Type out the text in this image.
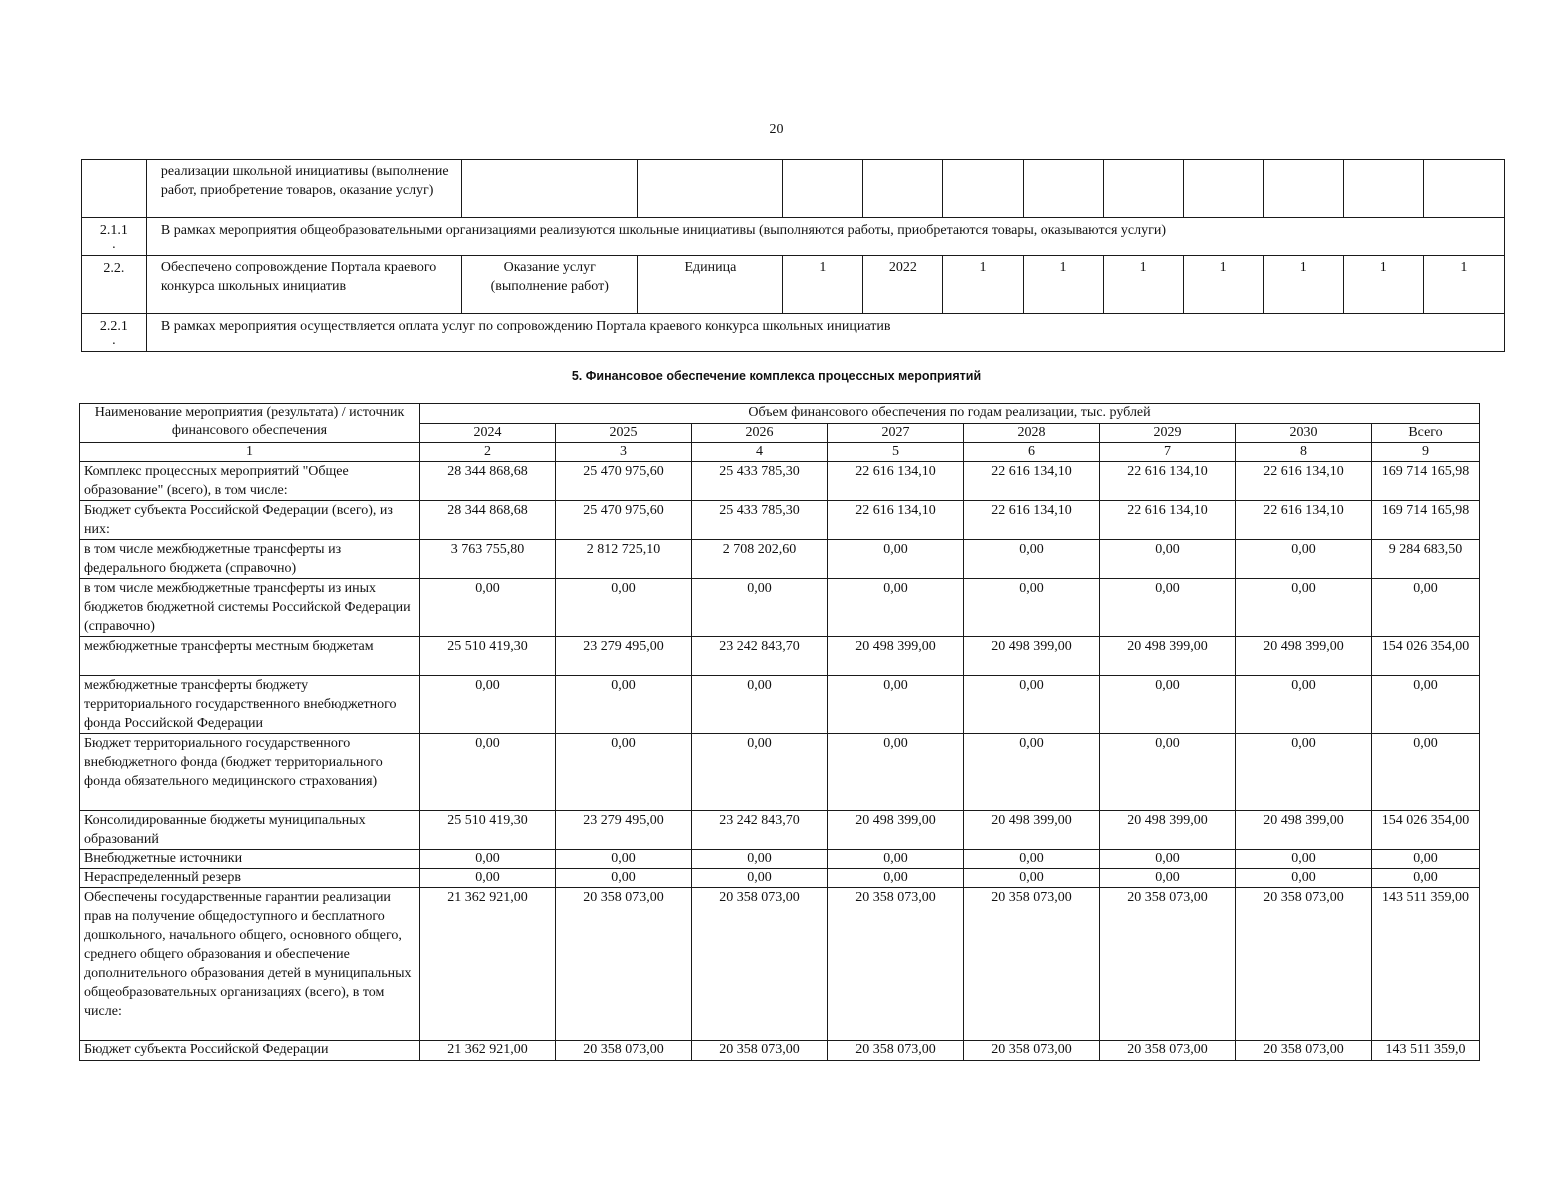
20
	реализации школьной инициативы (выполнение работ, приобретение товаров, оказание услуг)											
2.1.1
.	В рамках мероприятия общеобразовательными организациями реализуются школьные инициативы (выполняются работы, приобретаются товары, оказываются услуги)											
2.2.	Обеспечено сопровождение Портала краевого конкурса школьных инициатив	Оказание услуг (выполнение работ)	Единица	1	2022	1	1	1	1	1	1	1
2.2.1
.	В рамках мероприятия осуществляется оплата услуг по сопровождению Портала краевого конкурса школьных инициатив											
5. Финансовое обеспечение комплекса процессных мероприятий
Наименование мероприятия (результата) / источник финансового обеспечения	Объем финансового обеспечения по годам реализации, тыс. рублей							
	2024	2025	2026	2027	2028	2029	2030	Всего
1	2	3	4	5	6	7	8	9
Комплекс процессных мероприятий "Общее образование" (всего), в том числе:	28 344 868,68	25 470 975,60	25 433 785,30	22 616 134,10	22 616 134,10	22 616 134,10	22 616 134,10	169 714 165,98
Бюджет субъекта Российской Федерации (всего), из них:	28 344 868,68	25 470 975,60	25 433 785,30	22 616 134,10	22 616 134,10	22 616 134,10	22 616 134,10	169 714 165,98
в том числе межбюджетные трансферты из федерального бюджета (справочно)	3 763 755,80	2 812 725,10	2 708 202,60	0,00	0,00	0,00	0,00	9 284 683,50
в том числе межбюджетные трансферты из иных бюджетов бюджетной системы Российской Федерации (справочно)	0,00	0,00	0,00	0,00	0,00	0,00	0,00	0,00
межбюджетные трансферты местным бюджетам	25 510 419,30	23 279 495,00	23 242 843,70	20 498 399,00	20 498 399,00	20 498 399,00	20 498 399,00	154 026 354,00
межбюджетные трансферты бюджету территориального государственного внебюджетного фонда Российской Федерации	0,00	0,00	0,00	0,00	0,00	0,00	0,00	0,00
Бюджет территориального государственного внебюджетного фонда (бюджет территориального фонда обязательного медицинского страхования)	0,00	0,00	0,00	0,00	0,00	0,00	0,00	0,00
Консолидированные бюджеты муниципальных образований	25 510 419,30	23 279 495,00	23 242 843,70	20 498 399,00	20 498 399,00	20 498 399,00	20 498 399,00	154 026 354,00
Внебюджетные источники	0,00	0,00	0,00	0,00	0,00	0,00	0,00	0,00
Нераспределенный резерв	0,00	0,00	0,00	0,00	0,00	0,00	0,00	0,00
Обеспечены государственные гарантии реализации прав на получение общедоступного и бесплатного дошкольного, начального общего, основного общего, среднего общего образования и обеспечение дополнительного образования детей в муниципальных общеобразовательных организациях (всего), в том числе:	21 362 921,00	20 358 073,00	20 358 073,00	20 358 073,00	20 358 073,00	20 358 073,00	20 358 073,00	143 511 359,00
Бюджет субъекта Российской Федерации	21 362 921,00	20 358 073,00	20 358 073,00	20 358 073,00	20 358 073,00	20 358 073,00	20 358 073,00	143 511 359,0
